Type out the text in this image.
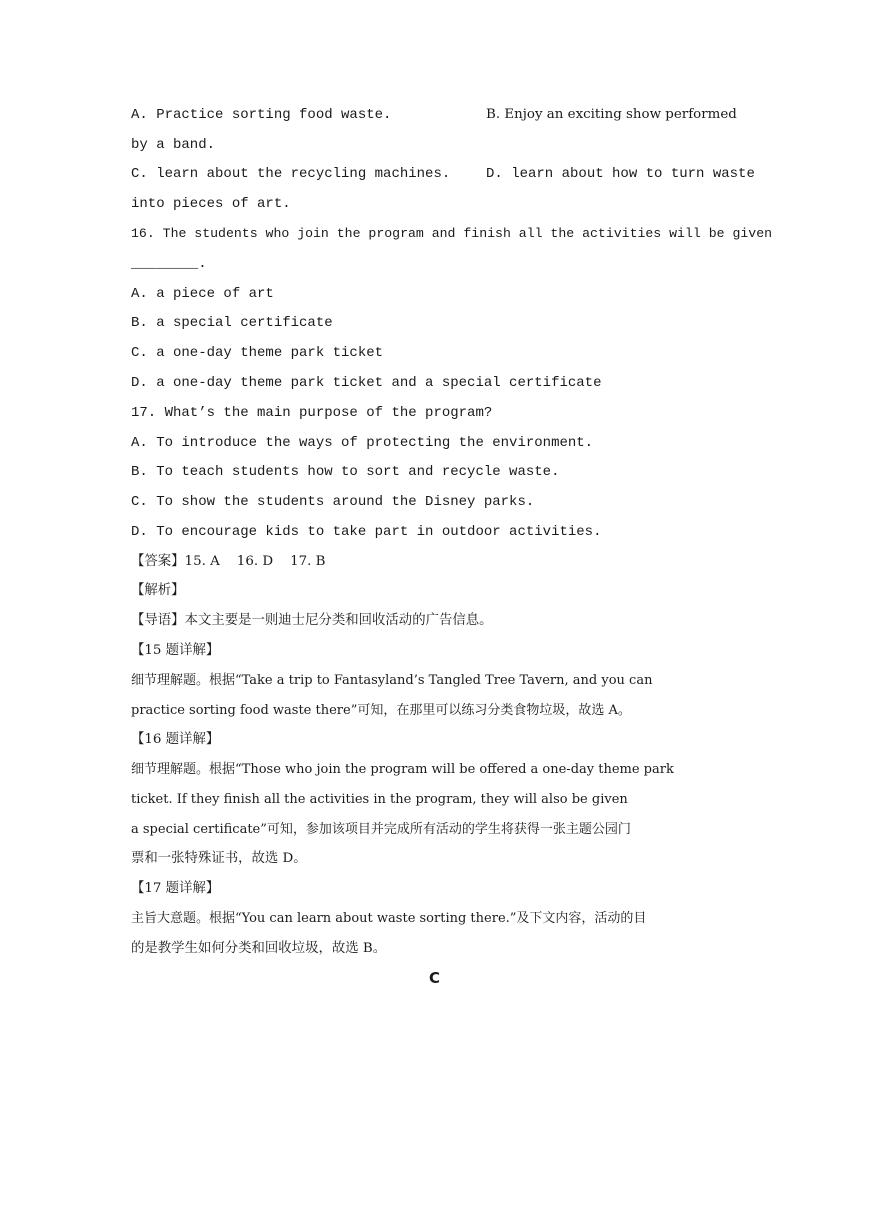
A. Practice sorting food waste.	B. Enjoy an exciting show performed
by a band.
C. learn about the recycling machines.	D. learn about how to turn waste
into pieces of art.
16. The students who join the program and finish all the activities will be given
________.
A. a piece of art
B. a special certificate
C. a one-day theme park ticket
D. a one-day theme park ticket and a special certificate
17. What’s the main purpose of the program?
A. To introduce the ways of protecting the environment.
B. To teach students how to sort and recycle waste.
C. To show the students around the Disney parks.
D. To encourage kids to take part in outdoor activities.
【答案】15. A    16. D    17. B
【解析】
【导语】本文主要是一则迪士尼分类和回收活动的广告信息。
【15 题详解】
细节理解题。根据“Take a trip to Fantasyland’s Tangled Tree Tavern, and you can
practice sorting food waste there”可知，在那里可以练习分类食物垃圾，故选 A。
【16 题详解】
细节理解题。根据“Those who join the program will be offered a one-day theme park
ticket. If they finish all the activities in the program, they will also be given
a special certificate”可知，参加该项目并完成所有活动的学生将获得一张主题公园门
票和一张特殊证书，故选 D。
【17 题详解】
主旨大意题。根据“You can learn about waste sorting there.”及下文内容，活动的目
的是教学生如何分类和回收垃圾，故选 B。
C
